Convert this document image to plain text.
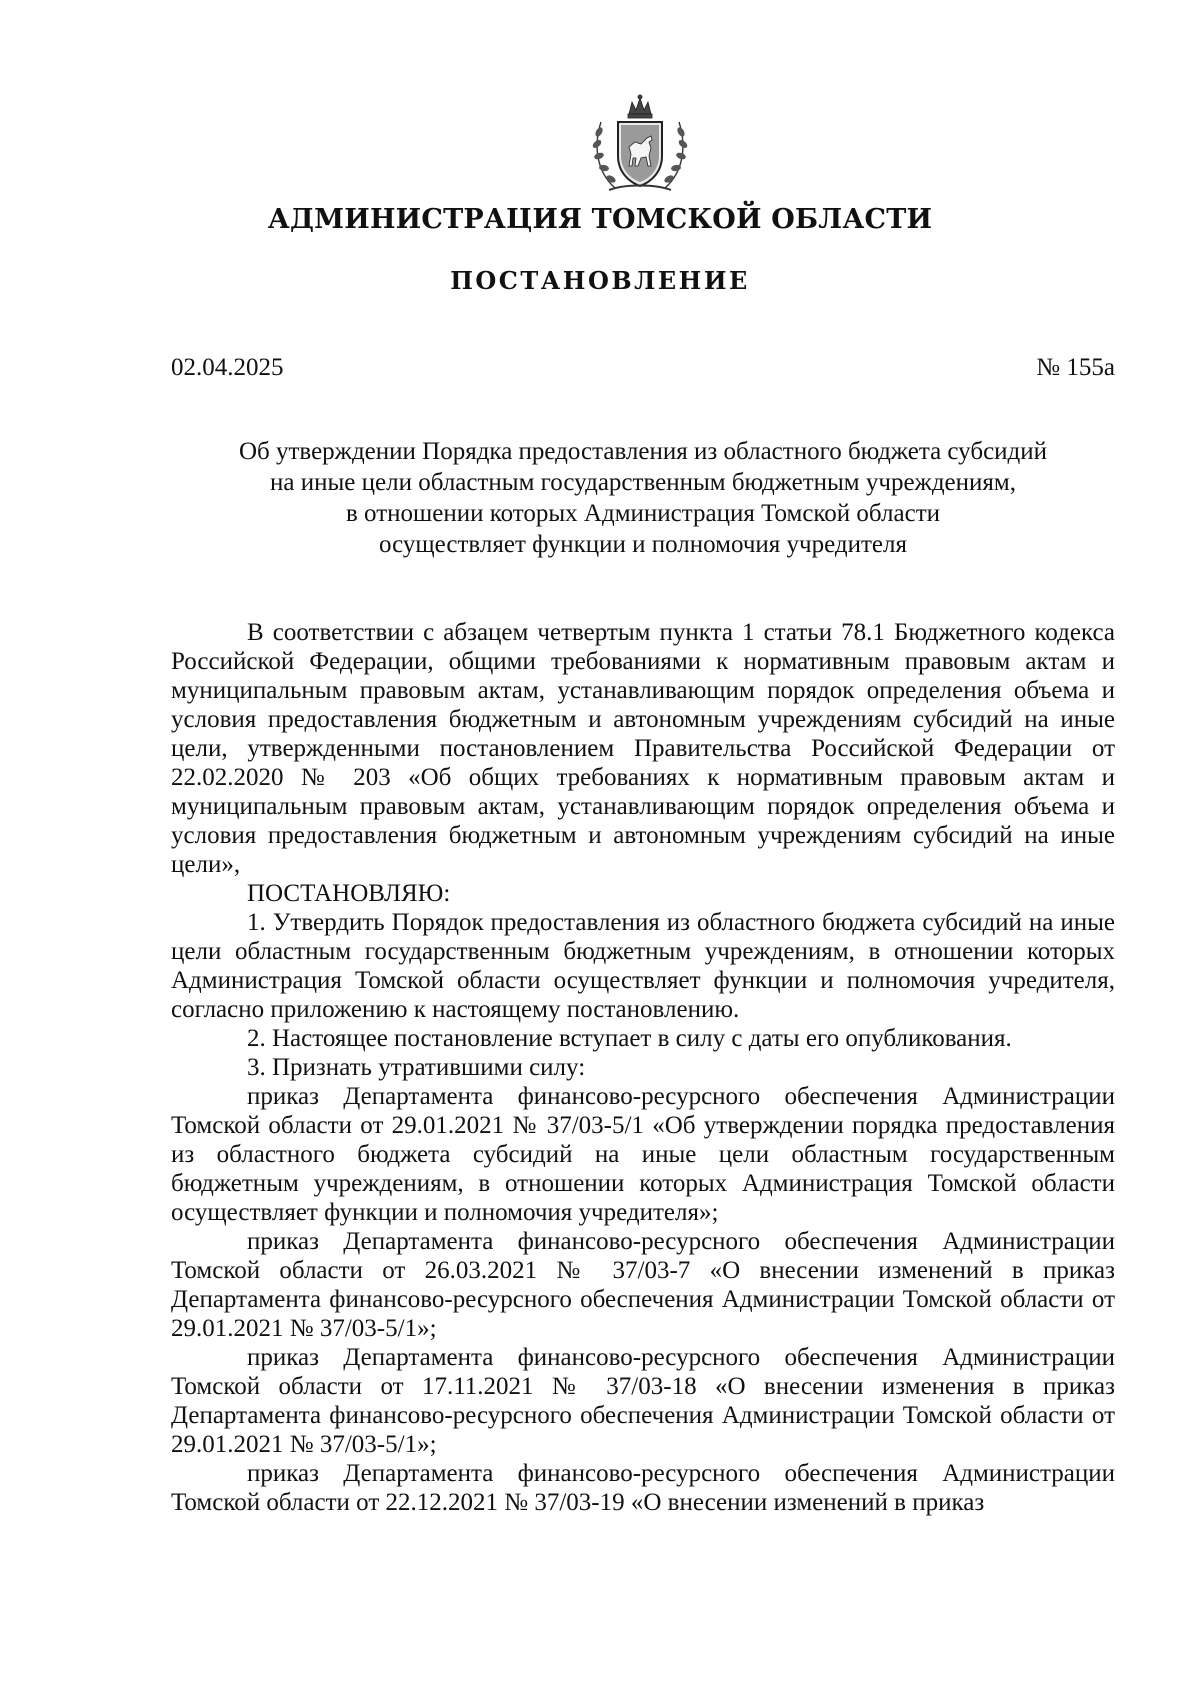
АДМИНИСТРАЦИЯ ТОМСКОЙ ОБЛАСТИ
ПОСТАНОВЛЕНИЕ
02.04.2025	№ 155а
Об утверждении Порядка предоставления из областного бюджета субсидий
на иные цели областным государственным бюджетным учреждениям,
в отношении которых Администрация Томской области
осуществляет функции и полномочия учредителя

В соответствии с абзацем четвертым пункта 1 статьи 78.1 Бюджетного кодекса Российской Федерации, общими требованиями к нормативным правовым актам и муниципальным правовым актам, устанавливающим порядок определения объема и условия предоставления бюджетным и автономным учреждениям субсидий на иные цели, утвержденными постановлением Правительства Российской Федерации от 22.02.2020 № 203 «Об общих требованиях к нормативным правовым актам и муниципальным правовым актам, устанавливающим порядок определения объема и условия предоставления бюджетным и автономным учреждениям субсидий на иные цели»,

ПОСТАНОВЛЯЮ:

1. Утвердить Порядок предоставления из областного бюджета субсидий на иные цели областным государственным бюджетным учреждениям, в отношении которых Администрация Томской области осуществляет функции и полномочия учредителя, согласно приложению к настоящему постановлению.

2. Настоящее постановление вступает в силу с даты его опубликования.

3. Признать утратившими силу:

приказ Департамента финансово-ресурсного обеспечения Администрации Томской области от 29.01.2021 № 37/03-5/1 «Об утверждении порядка предоставления из областного бюджета субсидий на иные цели областным государственным бюджетным учреждениям, в отношении которых Администрация Томской области осуществляет функции и полномочия учредителя»;

приказ Департамента финансово-ресурсного обеспечения Администрации Томской области от 26.03.2021 № 37/03-7 «О внесении изменений в приказ Департамента финансово-ресурсного обеспечения Администрации Томской области от 29.01.2021 № 37/03-5/1»;

приказ Департамента финансово-ресурсного обеспечения Администрации Томской области от 17.11.2021 № 37/03-18 «О внесении изменения в приказ Департамента финансово-ресурсного обеспечения Администрации Томской области от 29.01.2021 № 37/03-5/1»;

приказ Департамента финансово-ресурсного обеспечения Администрации Томской области от 22.12.2021 № 37/03-19 «О внесении изменений в приказ
